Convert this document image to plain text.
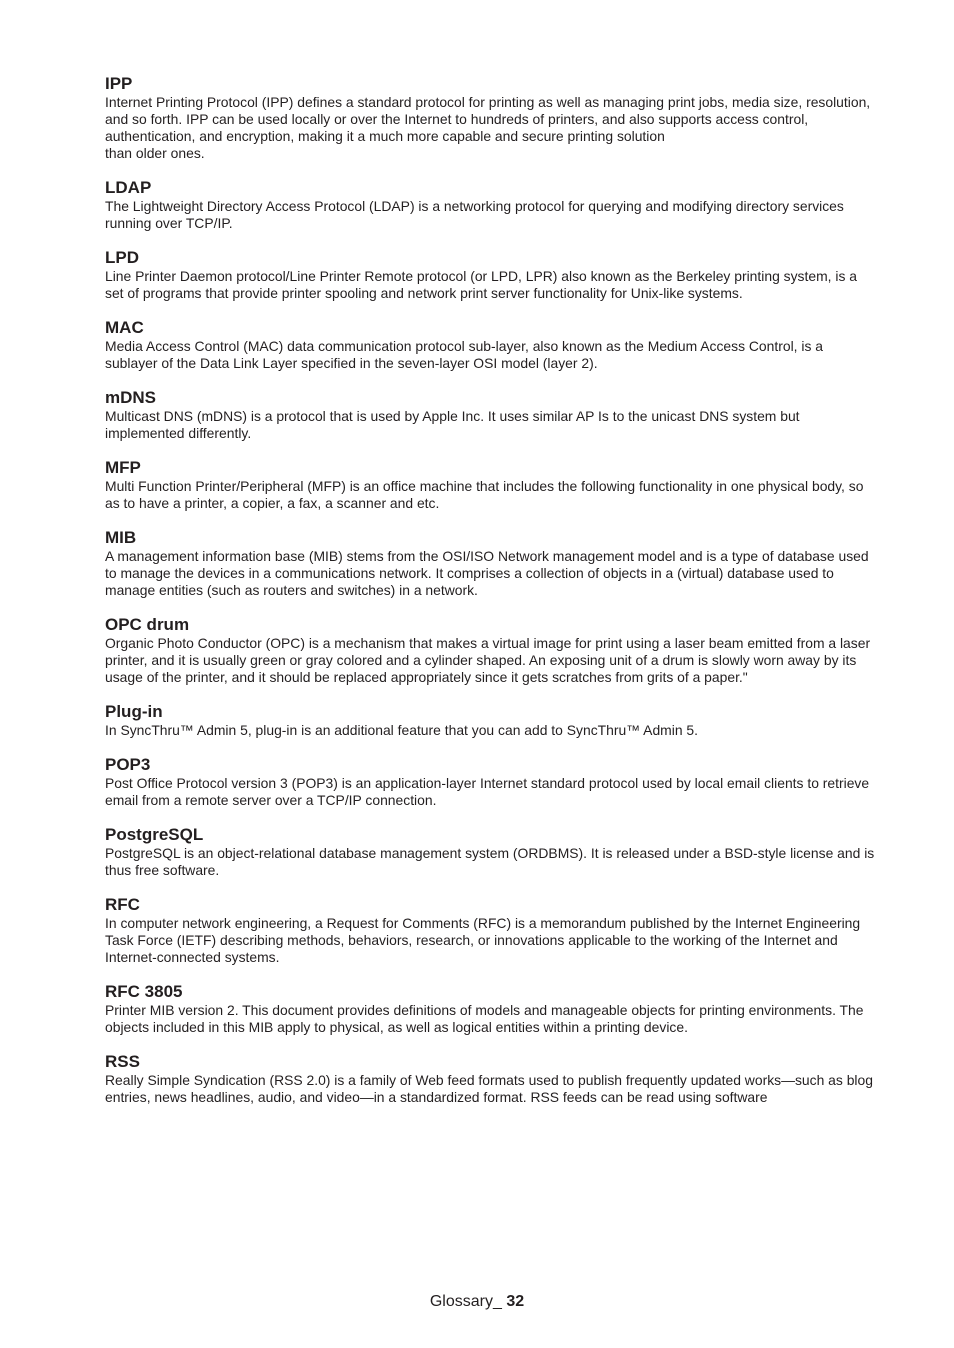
IPP

Internet Printing Protocol (IPP) defines a standard protocol for printing as well as managing print jobs, media size, resolution, and so forth. IPP can be used locally or over the Internet to hundreds of printers, and also supports access control, authentication, and encryption, making it a much more capable and secure printing solution

than older ones.

LDAP

The Lightweight Directory Access Protocol (LDAP) is a networking protocol for querying and modifying directory services running over TCP/IP.

LPD

Line Printer Daemon protocol/Line Printer Remote protocol (or LPD, LPR) also known as the Berkeley printing system, is a set of programs that provide printer spooling and network print server functionality for Unix-like systems.

MAC

Media Access Control (MAC) data communication protocol sub-layer, also known as the Medium Access Control, is a sublayer of the Data Link Layer specified in the seven-layer OSI model (layer 2).

mDNS

Multicast DNS (mDNS) is a protocol that is used by Apple Inc. It uses similar AP Is to the unicast DNS system but implemented differently.

MFP

Multi Function Printer/Peripheral (MFP) is an office machine that includes the following functionality in one physical body, so as to have a printer, a copier, a fax, a scanner and etc.

MIB

A management information base (MIB) stems from the OSI/ISO Network management model and is a type of database used to manage the devices in a communications network. It comprises a collection of objects in a (virtual) database used to manage entities (such as routers and switches) in a network.

OPC drum

Organic Photo Conductor (OPC) is a mechanism that makes a virtual image for print using a laser beam emitted from a laser printer, and it is usually green or gray colored and a cylinder shaped. An exposing unit of a drum is slowly worn away by its usage of the printer, and it should be replaced appropriately since it gets scratches from grits of a paper."

Plug-in

In SyncThru™ Admin 5, plug-in is an additional feature that you can add to SyncThru™ Admin 5.

POP3

Post Office Protocol version 3 (POP3) is an application-layer Internet standard protocol used by local email clients to retrieve email from a remote server over a TCP/IP connection.

PostgreSQL

PostgreSQL is an object-relational database management system (ORDBMS). It is released under a BSD-style license and is thus free software.

RFC

In computer network engineering, a Request for Comments (RFC) is a memorandum published by the Internet Engineering Task Force (IETF) describing methods, behaviors, research, or innovations applicable to the working of the Internet and Internet-connected systems.

RFC 3805

Printer MIB version 2. This document provides definitions of models and manageable objects for printing environments. The objects included in this MIB apply to physical, as well as logical entities within a printing device.

RSS

Really Simple Syndication (RSS 2.0) is a family of Web feed formats used to publish frequently updated works—such as blog entries, news headlines, audio, and video—in a standardized format. RSS feeds can be read using software

Glossary_ 32
